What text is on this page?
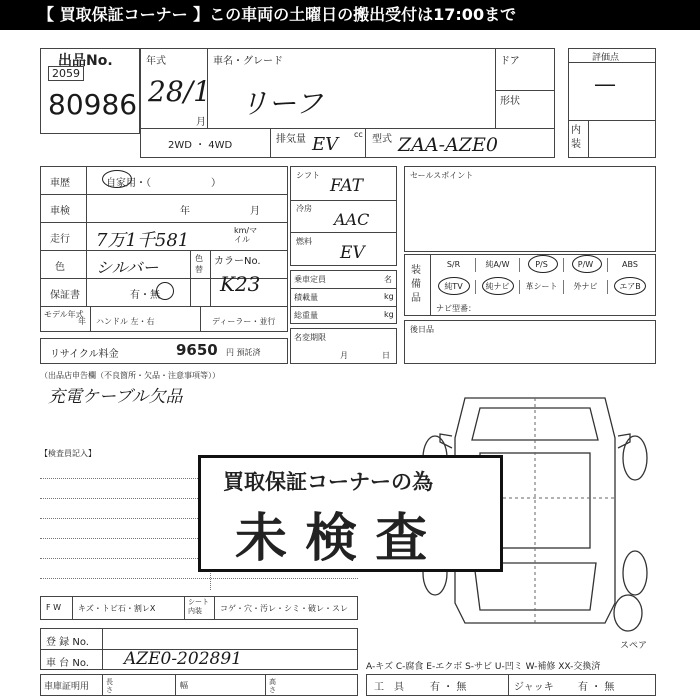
【 買取保証コーナー 】この車両の土曜日の搬出受付は17:00まで
出品No.
2059
80986
年式
28/1
月
車名・グレード
リーフ
ドア
形状
2WD ・ 4WD
排気量 EV cc 型式 ZAA-AZE0
評価点
—
内装
車歴	自家用・（　　　　　　）
車検	年	月
走行 7万1千581	km/マイル
色 シルバー	色替
カラーNo.
K23
保証書	有・無
モデル年式
年 ハンドル 左・右	ディーラー・並行
リサイクル料金	9650 円 預託済
シフト
FAT
冷房
AAC
燃料
EV
乗車定員	名
積載量	kg
総重量	kg
名変期限
月	日
セールスポイント
装備品
S/R	純A/W	P/S	P/W	ABS
純TV	純ナビ	革シート	外ナビ	エアB
ナビ型番：
後日品
（出品店申告欄（不良箇所・欠品・注意事項等））
充電ケーブル欠品
【検査員記入】
買取保証コーナーの為
未 検 査
F W キズ・トビ石・割レX
シート内装	コゲ・穴・汚レ・シミ・破レ・スレ
登 録 No.
車 台 No. AZE0-202891
車庫証明用 長さ	幅	高さ
スペア
A-キズ C-腐食 E-エクボ S-サビ U-凹ミ W-補修 XX-交換済
工　具	有 ・ 無	ジャッキ 有 ・ 無
